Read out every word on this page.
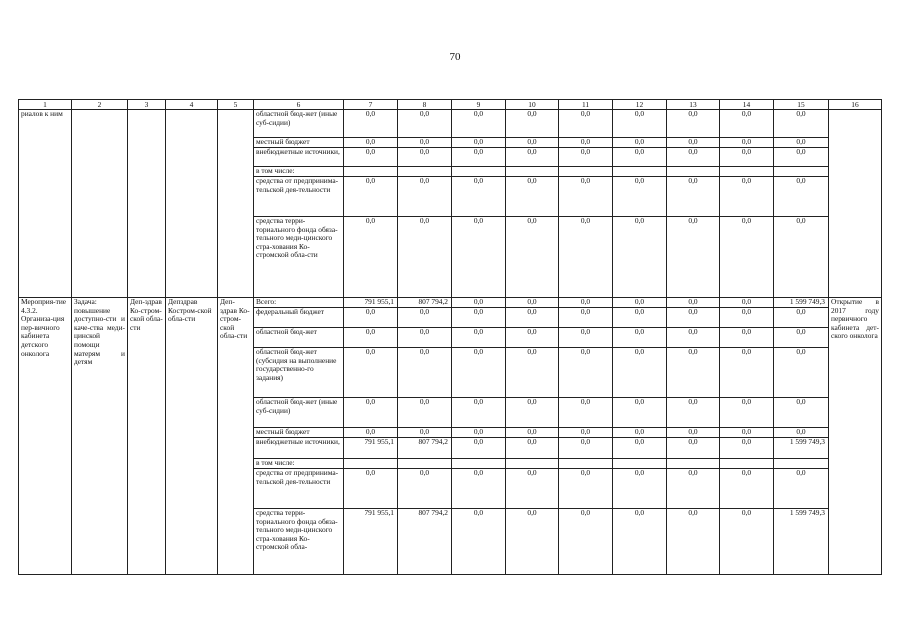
70
1	2	3	4	5	6	7	8	9	10	11	12	13	14	15	16
риалов к ним					областной бюд-жет (иные суб-сидии)	0,0	0,0	0,0	0,0	0,0	0,0	0,0	0,0	0,0	
					местный бюджет	0,0	0,0	0,0	0,0	0,0	0,0	0,0	0,0	0,0	
					внебюджетные источники,	0,0	0,0	0,0	0,0	0,0	0,0	0,0	0,0	0,0	
					в том числе:										
					средства от предпринима-тельской дея-тельности	0,0	0,0	0,0	0,0	0,0	0,0	0,0	0,0	0,0	
					средства терри-ториального фонда обяза-тельного меди-цинского стра-хования Ко-стромской обла-сти	0,0	0,0	0,0	0,0	0,0	0,0	0,0	0,0	0,0	
Мероприя-тие 4.3.2. Организа-ция пер-вичного кабинета детского онколога	Задача: повышение доступно-сти и каче-ства меди-цинской помощи матерям и детям	Деп-здрав Ко-стром-ской обла-сти	Депздрав Костром-ской обла-сти	Деп-здрав Ко-стром-ской обла-сти	Всего:	791 955,1	807 794,2	0,0	0,0	0,0	0,0	0,0	0,0	1 599 749,3	Открытие в 2017 году первичного кабинета дет-ского онколога
					федеральный бюджет	0,0	0,0	0,0	0,0	0,0	0,0	0,0	0,0	0,0	
					областной бюд-жет	0,0	0,0	0,0	0,0	0,0	0,0	0,0	0,0	0,0	
					областной бюд-жет (субсидия на выполнение государственно-го задания)	0,0	0,0	0,0	0,0	0,0	0,0	0,0	0,0	0,0	
					областной бюд-жет (иные суб-сидии)	0,0	0,0	0,0	0,0	0,0	0,0	0,0	0,0	0,0	
					местный бюджет	0,0	0,0	0,0	0,0	0,0	0,0	0,0	0,0	0,0	
					внебюджетные источники,	791 955,1	807 794,2	0,0	0,0	0,0	0,0	0,0	0,0	1 599 749,3	
					в том числе:										
					средства от предпринима-тельской дея-тельности	0,0	0,0	0,0	0,0	0,0	0,0	0,0	0,0	0,0	
					средства терри-ториального фонда обяза-тельного меди-цинского стра-хования Ко-стромской обла-	791 955,1	807 794,2	0,0	0,0	0,0	0,0	0,0	0,0	1 599 749,3	
